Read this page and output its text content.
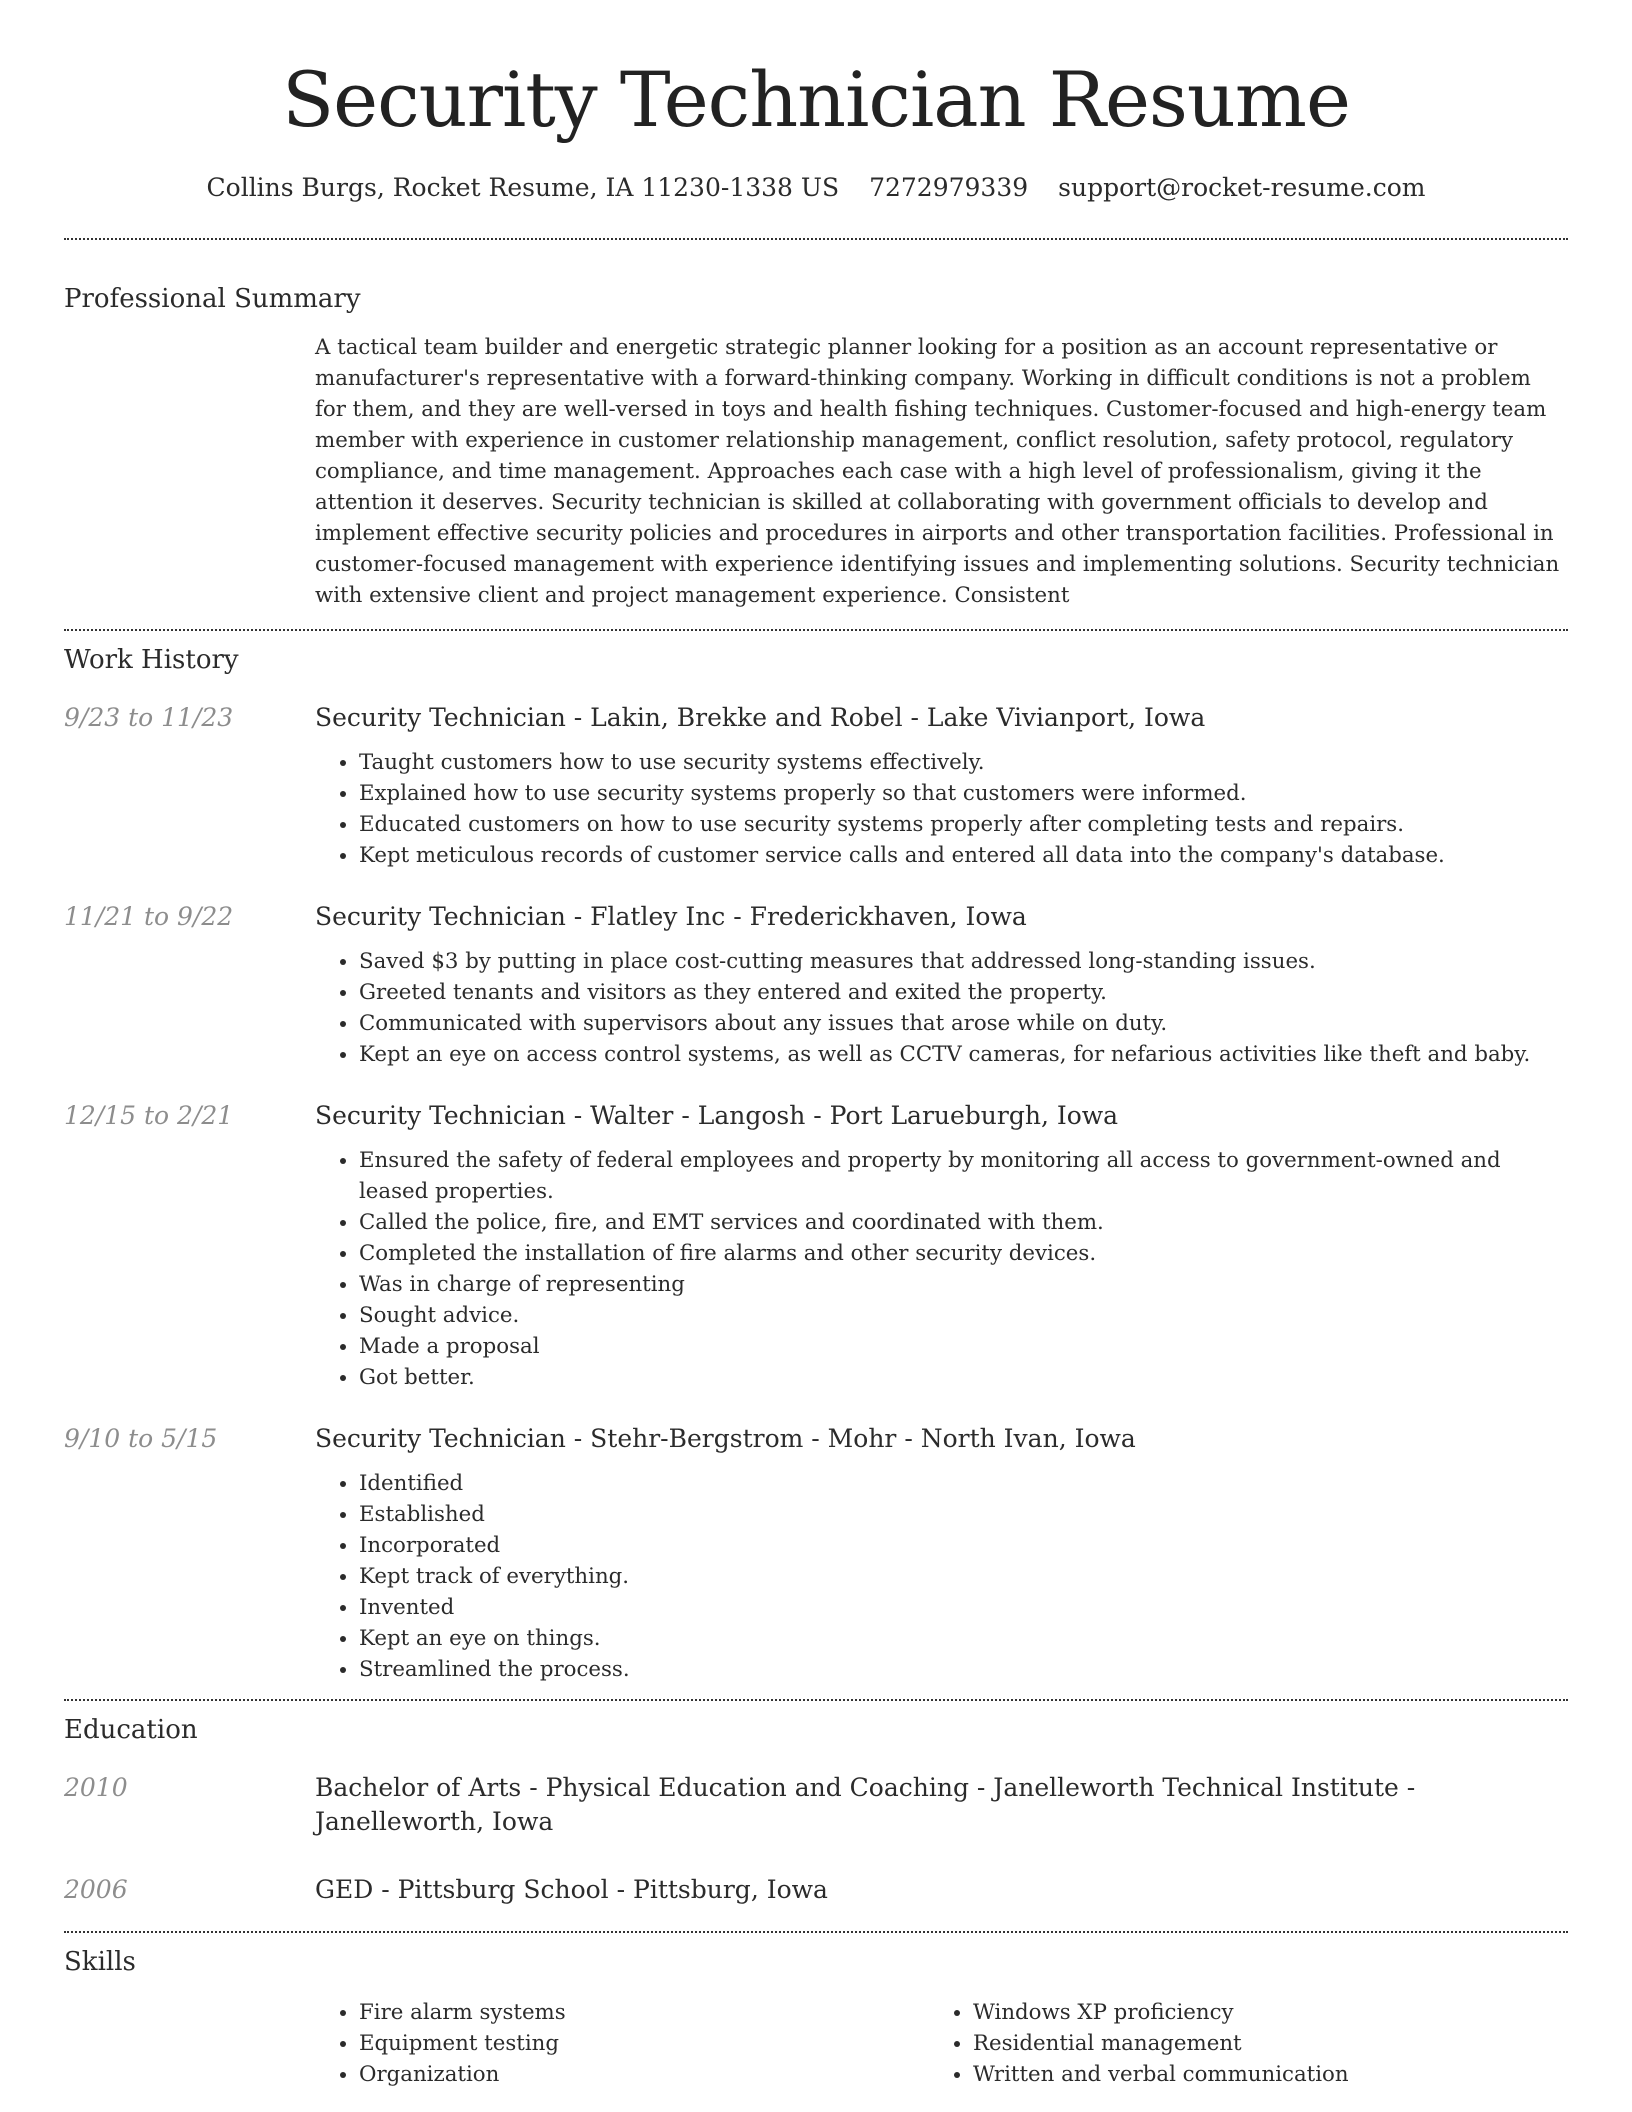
Security Technician Resume
Collins Burgs, Rocket Resume, IA 11230-1338 US 7272979339 support@rocket-resume.com
Professional Summary

A tactical team builder and energetic strategic planner looking for a position as an account representative or manufacturer's representative with a forward-thinking company. Working in difficult conditions is not a problem for them, and they are well-versed in toys and health fishing techniques. Customer-focused and high-energy team member with experience in customer relationship management, conflict resolution, safety protocol, regulatory compliance, and time management. Approaches each case with a high level of professionalism, giving it the attention it deserves. Security technician is skilled at collaborating with government officials to develop and implement effective security policies and procedures in airports and other transportation facilities. Professional in customer-focused management with experience identifying issues and implementing solutions. Security technician with extensive client and project management experience. Consistent

Work History
9/23 to 11/23	Security Technician - Lakin, Brekke and Robel - Lake Vivianport, Iowa
• Taught customers how to use security systems effectively.
• Explained how to use security systems properly so that customers were informed.
• Educated customers on how to use security systems properly after completing tests and repairs.
• Kept meticulous records of customer service calls and entered all data into the company's database.
11/21 to 9/22	Security Technician - Flatley Inc - Frederickhaven, Iowa
• Saved $3 by putting in place cost-cutting measures that addressed long-standing issues.
• Greeted tenants and visitors as they entered and exited the property.
• Communicated with supervisors about any issues that arose while on duty.
• Kept an eye on access control systems, as well as CCTV cameras, for nefarious activities like theft and baby.
12/15 to 2/21	Security Technician - Walter - Langosh - Port Larueburgh, Iowa
• Ensured the safety of federal employees and property by monitoring all access to government-owned and leased properties.
• Called the police, fire, and EMT services and coordinated with them.
• Completed the installation of fire alarms and other security devices.
• Was in charge of representing
• Sought advice.
• Made a proposal
• Got better.
9/10 to 5/15	Security Technician - Stehr-Bergstrom - Mohr - North Ivan, Iowa
• Identified
• Established
• Incorporated
• Kept track of everything.
• Invented
• Kept an eye on things.
• Streamlined the process.
Education
2010	Bachelor of Arts - Physical Education and Coaching - Janelleworth Technical Institute - Janelleworth, Iowa
2006	GED - Pittsburg School - Pittsburg, Iowa
Skills
• Fire alarm systems
• Equipment testing
• Organization
• Windows XP proficiency
• Residential management
• Written and verbal communication
